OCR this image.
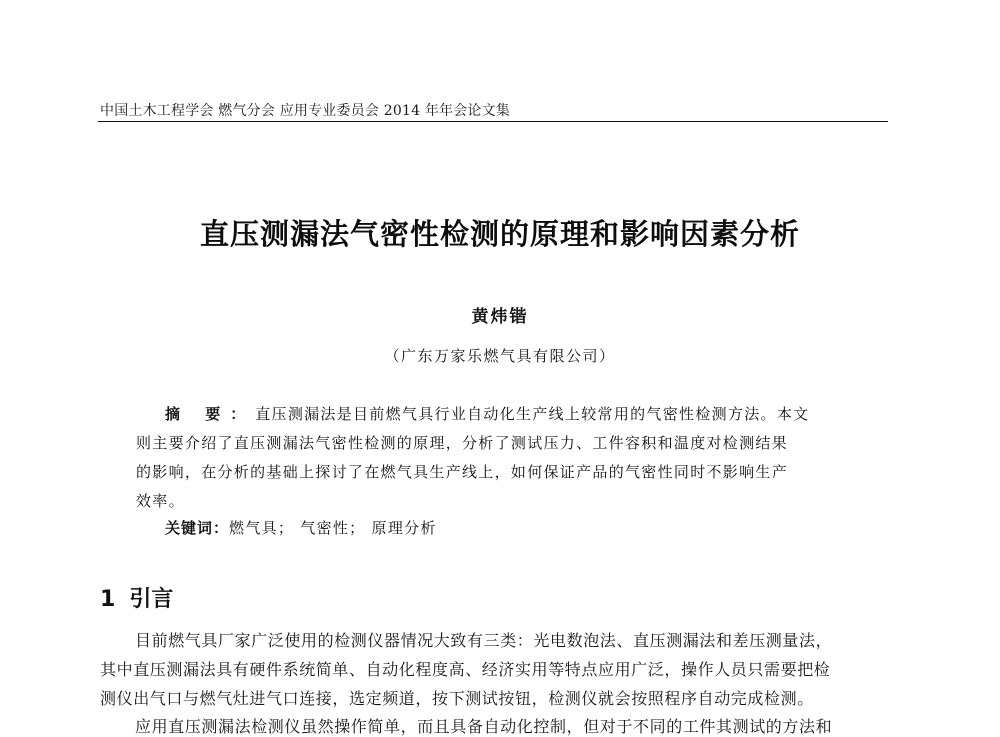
中国土木工程学会 燃气分会 应用专业委员会 2014 年年会论文集
直压测漏法气密性检测的原理和影响因素分析
黄炜锴
（广东万家乐燃气具有限公司）
摘 要：直压测漏法是目前燃气具行业自动化生产线上较常用的气密性检测方法。本文
则主要介绍了直压测漏法气密性检测的原理，分析了测试压力、工件容积和温度对检测结果
的影响，在分析的基础上探讨了在燃气具生产线上，如何保证产品的气密性同时不影响生产
效率。
关键词：燃气具； 气密性； 原理分析
1 引言
目前燃气具厂家广泛使用的检测仪器情况大致有三类：光电数泡法、直压测漏法和差压测量法，
其中直压测漏法具有硬件系统简单、自动化程度高、经济实用等特点应用广泛，操作人员只需要把检
测仪出气口与燃气灶进气口连接，选定频道，按下测试按钮，检测仪就会按照程序自动完成检测。
应用直压测漏法检测仪虽然操作简单，而且具备自动化控制，但对于不同的工件其测试的方法和
